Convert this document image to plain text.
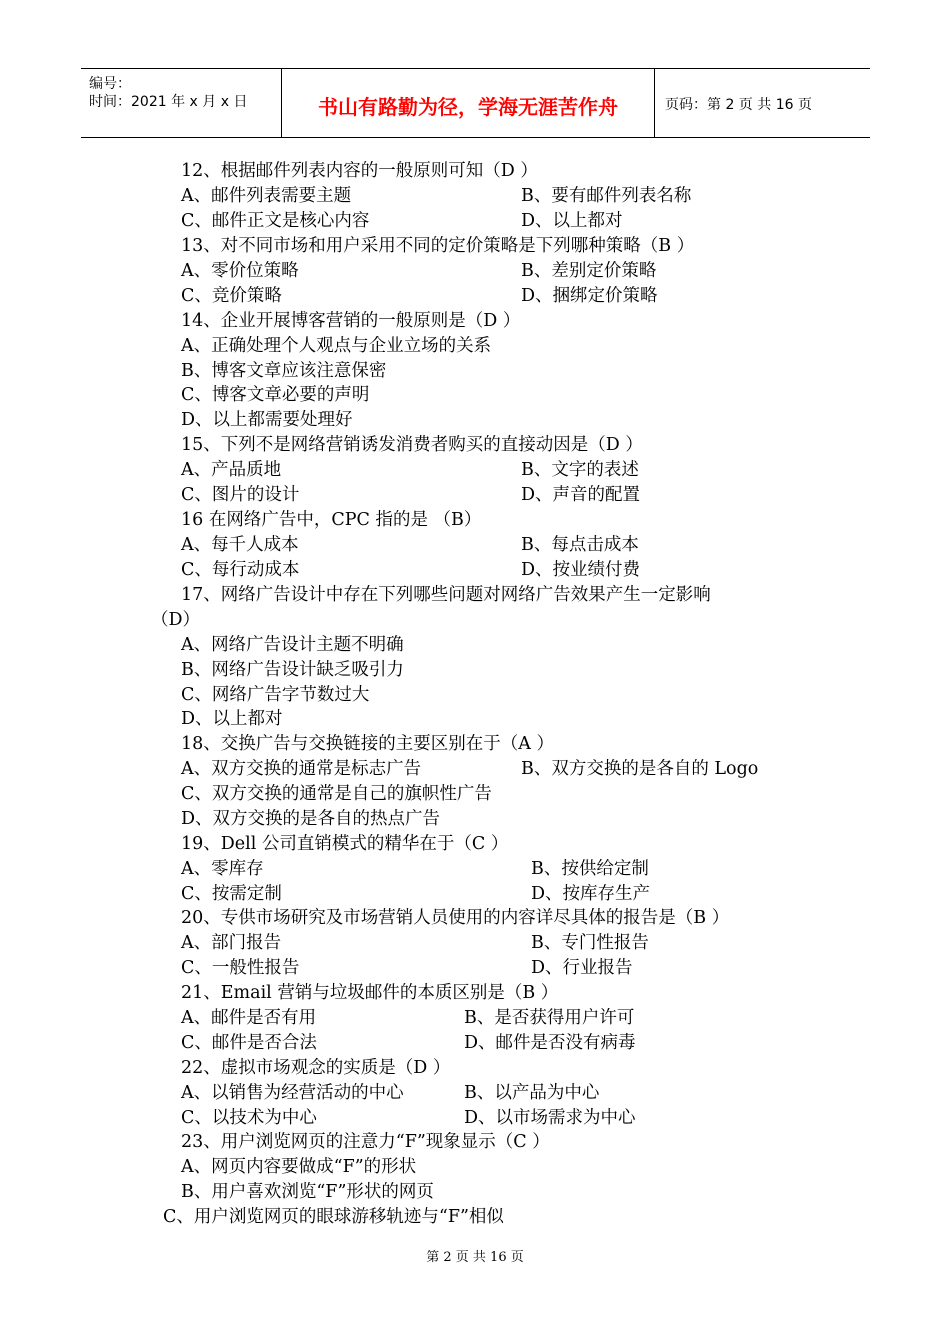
编号：
时间：2021 年 x 月 x 日	书山有路勤为径，学海无涯苦作舟	页码：第 2 页 共 16 页
12、根据邮件列表内容的一般原则可知（D ）
A、邮件列表需要主题	B、要有邮件列表名称
C、邮件正文是核心内容	D、以上都对
13、对不同市场和用户采用不同的定价策略是下列哪种策略（B ）
A、零价位策略	B、差别定价策略
C、竞价策略	D、捆绑定价策略
14、企业开展博客营销的一般原则是（D ）
A、正确处理个人观点与企业立场的关系
B、博客文章应该注意保密
C、博客文章必要的声明
D、以上都需要处理好
15、下列不是网络营销诱发消费者购买的直接动因是（D ）
A、产品质地	B、文字的表述
C、图片的设计	D、声音的配置
16 在网络广告中，CPC 指的是 （B）
A、每千人成本	B、每点击成本
C、每行动成本	D、按业绩付费
17、网络广告设计中存在下列哪些问题对网络广告效果产生一定影响
（D）
A、网络广告设计主题不明确
B、网络广告设计缺乏吸引力
C、网络广告字节数过大
D、以上都对
18、交换广告与交换链接的主要区别在于（A ）
A、双方交换的通常是标志广告	B、双方交换的是各自的 Logo
C、双方交换的通常是自己的旗帜性广告
D、双方交换的是各自的热点广告
19、Dell 公司直销模式的精华在于（C ）
A、零库存	B、按供给定制
C、按需定制	D、按库存生产
20、专供市场研究及市场营销人员使用的内容详尽具体的报告是（B ）
A、部门报告	B、专门性报告
C、一般性报告	D、行业报告
21、Email 营销与垃圾邮件的本质区别是（B ）
A、邮件是否有用	B、是否获得用户许可
C、邮件是否合法	D、邮件是否没有病毒
22、虚拟市场观念的实质是（D ）
A、以销售为经营活动的中心	B、以产品为中心
C、以技术为中心	D、以市场需求为中心
23、用户浏览网页的注意力“F”现象显示（C ）
A、网页内容要做成“F”的形状
B、用户喜欢浏览“F”形状的网页
C、用户浏览网页的眼球游移轨迹与“F”相似
第 2 页 共 16 页
